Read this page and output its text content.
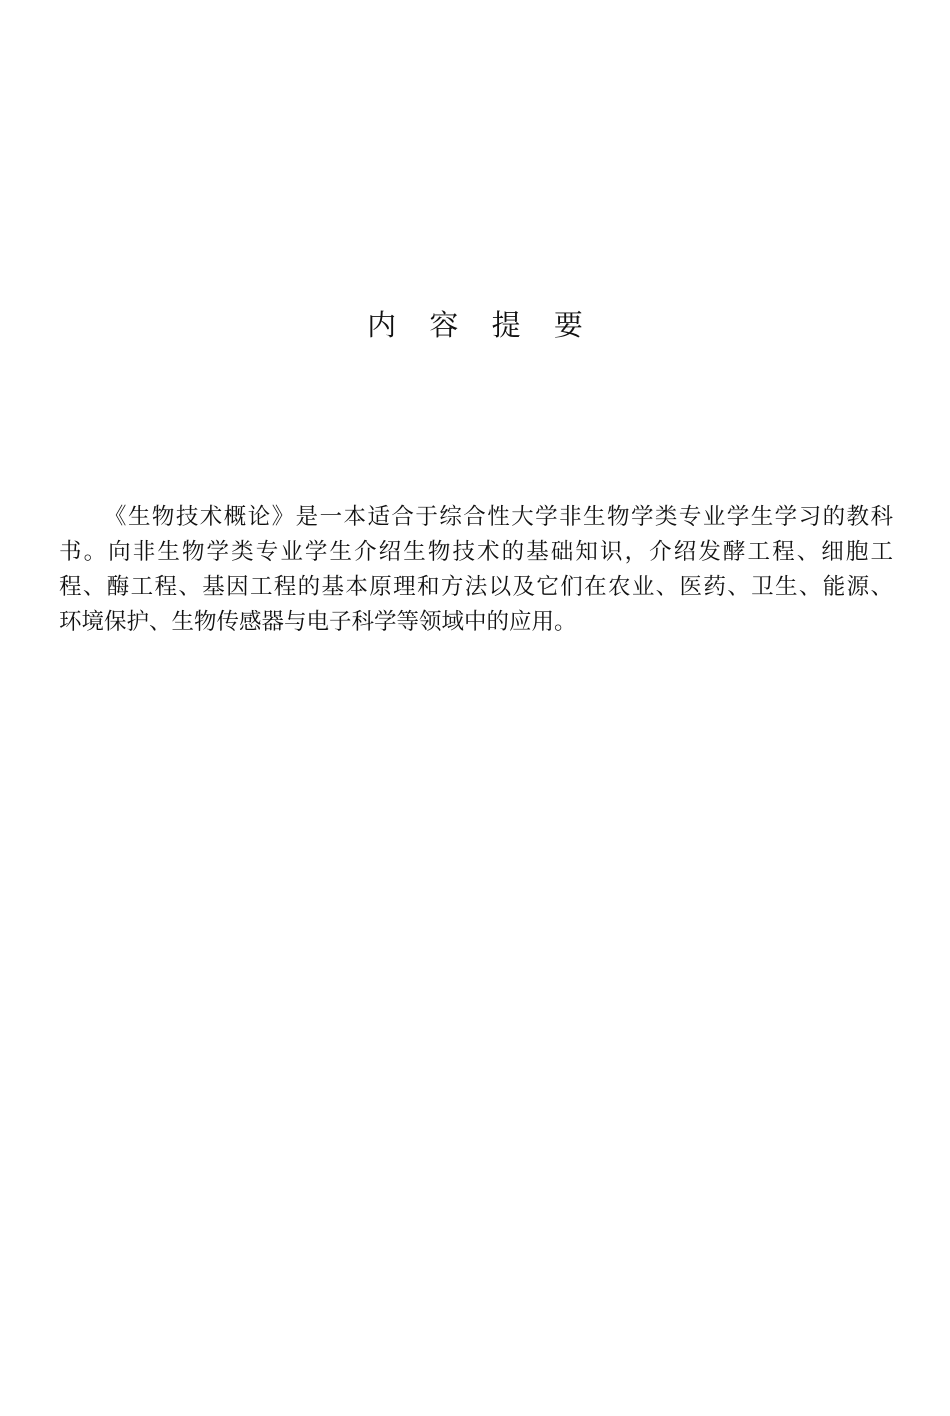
内 容 提 要

《生物技术概论》是一本适合于综合性大学非生物学类专业学生学习的教科
书。向非生物学类专业学生介绍生物技术的基础知识，介绍发酵工程、细胞工
程、酶工程、基因工程的基本原理和方法以及它们在农业、医药、卫生、能源、
环境保护、生物传感器与电子科学等领域中的应用。
